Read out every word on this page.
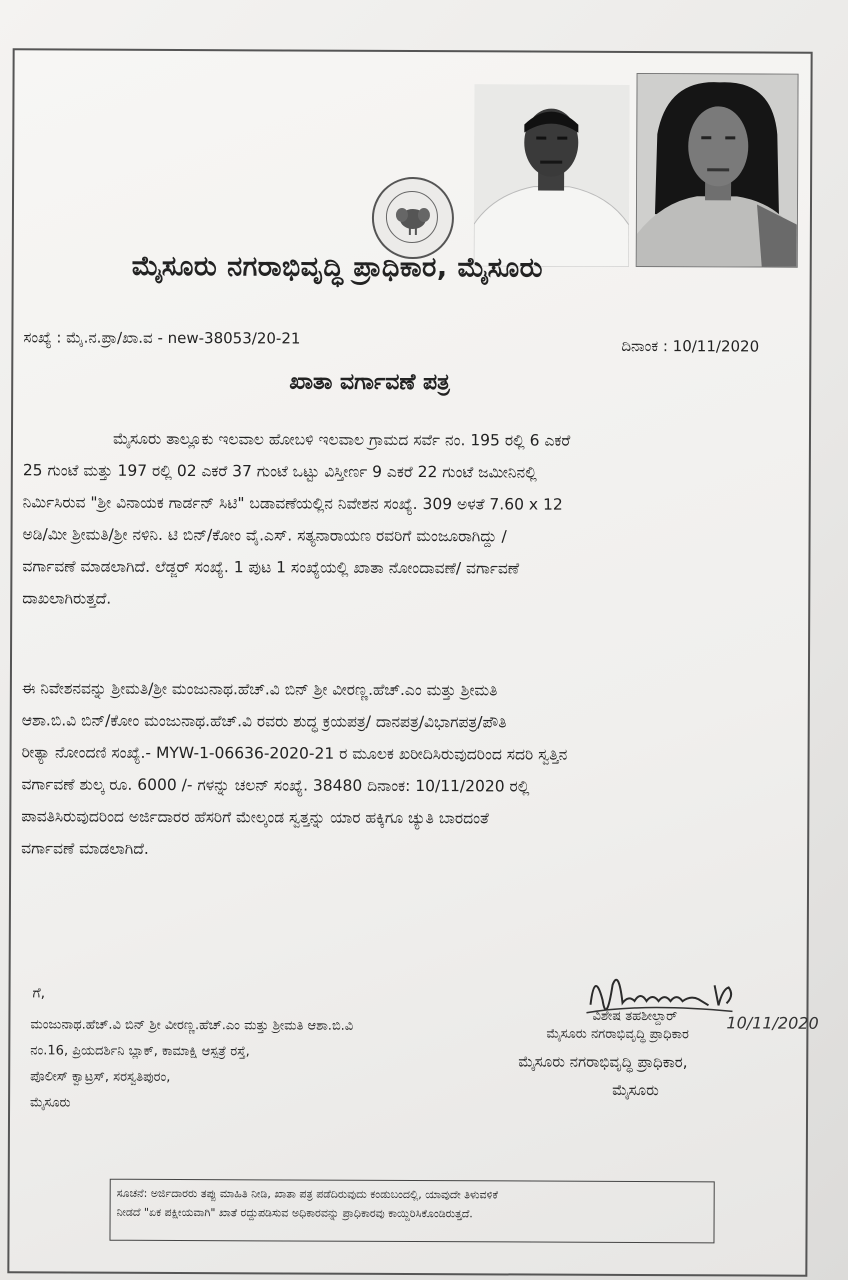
ಮೈಸೂರು ನಗರಾಭಿವೃದ್ಧಿ ಪ್ರಾಧಿಕಾರ, ಮೈಸೂರು
ಸಂಖ್ಯೆ : ಮೈ.ನ.ಪ್ರಾ/ಖಾ.ವ - new-38053/20-21	ದಿನಾಂಕ : 10/11/2020
ಖಾತಾ ವರ್ಗಾವಣೆ ಪತ್ರ
ಮೈಸೂರು ತಾಲ್ಲೂಕು ಇಲವಾಲ ಹೋಬಳಿ ಇಲವಾಲ ಗ್ರಾಮದ ಸರ್ವೆ ನಂ. 195 ರಲ್ಲಿ 6 ಎಕರೆ
25 ಗುಂಟೆ ಮತ್ತು 197 ರಲ್ಲಿ 02 ಎಕರೆ 37 ಗುಂಟೆ ಒಟ್ಟು ವಿಸ್ತೀರ್ಣ 9 ಎಕರೆ 22 ಗುಂಟೆ ಜಮೀನಿನಲ್ಲಿ
ನಿರ್ಮಿಸಿರುವ "ಶ್ರೀ ವಿನಾಯಕ ಗಾರ್ಡನ್ ಸಿಟಿ" ಬಡಾವಣೆಯಲ್ಲಿನ ನಿವೇಶನ ಸಂಖ್ಯೆ. 309 ಅಳತೆ 7.60 x 12
ಅಡಿ/ಮೀ ಶ್ರೀಮತಿ/ಶ್ರೀ ನಳಿನಿ. ಟಿ ಬಿನ್/ಕೋಂ ವೈ.ಎಸ್. ಸತ್ಯನಾರಾಯಣ ರವರಿಗೆ ಮಂಜೂರಾಗಿದ್ದು /
ವರ್ಗಾವಣೆ ಮಾಡಲಾಗಿದೆ. ಲೆಡ್ಜರ್ ಸಂಖ್ಯೆ. 1 ಪುಟ 1 ಸಂಖ್ಯೆಯಲ್ಲಿ ಖಾತಾ ನೋಂದಾವಣೆ/ ವರ್ಗಾವಣೆ
ದಾಖಲಾಗಿರುತ್ತದೆ.
ಈ ನಿವೇಶನವನ್ನು ಶ್ರೀಮತಿ/ಶ್ರೀ ಮಂಜುನಾಥ.ಹೆಚ್.ವಿ ಬಿನ್ ಶ್ರೀ ವೀರಣ್ಣ.ಹೆಚ್.ಎಂ ಮತ್ತು ಶ್ರೀಮತಿ
ಆಶಾ.ಬಿ.ವಿ ಬಿನ್/ಕೋಂ ಮಂಜುನಾಥ.ಹೆಚ್.ವಿ ರವರು ಶುದ್ಧ ಕ್ರಯಪತ್ರ/ ದಾನಪತ್ರ/ವಿಭಾಗಪತ್ರ/ಪೌತಿ
ರೀತ್ಯಾ ನೋಂದಣಿ ಸಂಖ್ಯೆ.- MYW-1-06636-2020-21 ರ ಮೂಲಕ ಖರೀದಿಸಿರುವುದರಿಂದ ಸದರಿ ಸ್ವತ್ತಿನ
ವರ್ಗಾವಣೆ ಶುಲ್ಕ ರೂ. 6000 /- ಗಳನ್ನು ಚಲನ್ ಸಂಖ್ಯೆ. 38480 ದಿನಾಂಕ: 10/11/2020 ರಲ್ಲಿ
ಪಾವತಿಸಿರುವುದರಿಂದ ಅರ್ಜಿದಾರರ ಹೆಸರಿಗೆ ಮೇಲ್ಕಂಡ ಸ್ವತ್ತನ್ನು ಯಾರ ಹಕ್ಕಿಗೂ ಚ್ಯುತಿ ಬಾರದಂತೆ
ವರ್ಗಾವಣೆ ಮಾಡಲಾಗಿದೆ.
ಗೆ,
ಮಂಜುನಾಥ.ಹೆಚ್.ವಿ ಬಿನ್ ಶ್ರೀ ವೀರಣ್ಣ.ಹೆಚ್.ಎಂ ಮತ್ತು ಶ್ರೀಮತಿ ಆಶಾ.ಬಿ.ವಿ
ನಂ.16, ಪ್ರಿಯದರ್ಶಿನಿ ಬ್ಲಾಕ್, ಕಾಮಾಕ್ಷಿ ಆಸ್ಪತ್ರೆ ರಸ್ತೆ,
ಪೊಲೀಸ್ ಕ್ವಾಟ್ರಸ್, ಸರಸ್ವತಿಪುರಂ,
ಮೈಸೂರು
10/11/2020
ವಿಶೇಷ ತಹಶೀಲ್ದಾರ್
ಮೈಸೂರು ನಗರಾಭಿವೃದ್ಧಿ ಪ್ರಾಧಿಕಾರ
ಮೈಸೂರು ನಗರಾಭಿವೃದ್ಧಿ ಪ್ರಾಧಿಕಾರ,
ಮೈಸೂರು
ಸೂಚನೆ: ಅರ್ಜಿದಾರರು ತಪ್ಪು ಮಾಹಿತಿ ನೀಡಿ, ಖಾತಾ ಪತ್ರ ಪಡೆದಿರುವುದು ಕಂಡುಬಂದಲ್ಲಿ, ಯಾವುದೇ ತಿಳುವಳಿಕೆ
ನೀಡದೆ "ಏಕ ಪಕ್ಷೀಯವಾಗಿ" ಖಾತೆ ರದ್ದುಪಡಿಸುವ ಅಧಿಕಾರವನ್ನು ಪ್ರಾಧಿಕಾರವು ಕಾಯ್ದಿರಿಸಿಕೊಂಡಿರುತ್ತದೆ.
